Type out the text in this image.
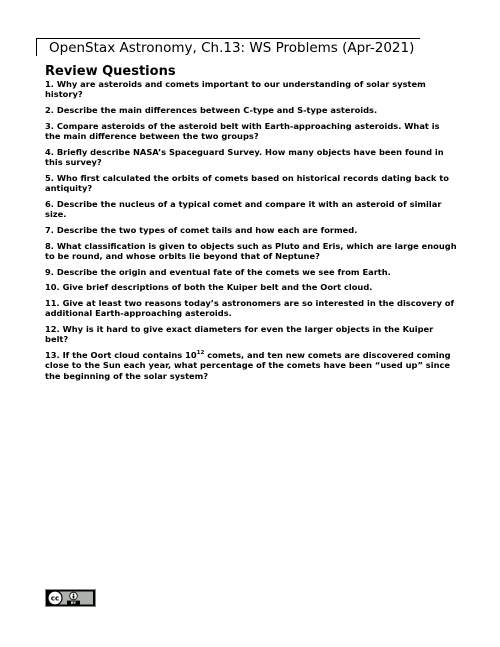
OpenStax Astronomy, Ch.13: WS Problems (Apr-2021)
Review Questions
1. Why are asteroids and comets important to our understanding of solar system history?
2. Describe the main differences between C-type and S-type asteroids.
3. Compare asteroids of the asteroid belt with Earth-approaching asteroids. What is the main difference between the two groups?
4. Briefly describe NASA’s Spaceguard Survey. How many objects have been found in this survey?
5. Who first calculated the orbits of comets based on historical records dating back to antiquity?
6. Describe the nucleus of a typical comet and compare it with an asteroid of similar size.
7. Describe the two types of comet tails and how each are formed.
8. What classification is given to objects such as Pluto and Eris, which are large enough to be round, and whose orbits lie beyond that of Neptune?
9. Describe the origin and eventual fate of the comets we see from Earth.
10. Give brief descriptions of both the Kuiper belt and the Oort cloud.
11. Give at least two reasons today’s astronomers are so interested in the discovery of additional Earth-approaching asteroids.
12. Why is it hard to give exact diameters for even the larger objects in the Kuiper belt?
13. If the Oort cloud contains $10^{12}$ comets, and ten new comets are discovered coming close to the Sun each year, what percentage of the comets have been “used up” since the beginning of the solar system?
cc
BY
